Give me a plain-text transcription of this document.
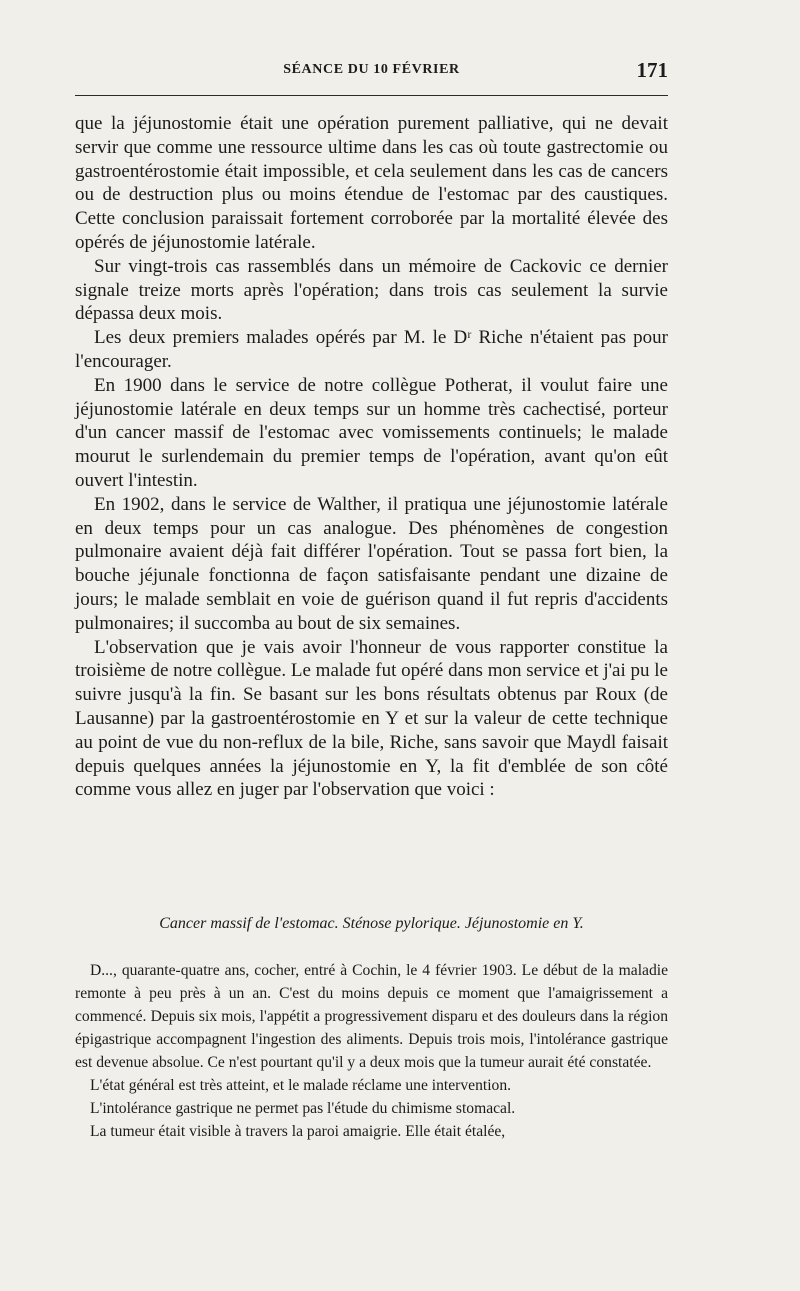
SÉANCE DU 10 FÉVRIER	171

que la jéjunostomie était une opération purement palliative, qui ne devait servir que comme une ressource ultime dans les cas où toute gastrectomie ou gastroentérostomie était impossible, et cela seulement dans les cas de cancers ou de destruction plus ou moins étendue de l'estomac par des caustiques. Cette conclusion paraissait fortement corroborée par la mortalité élevée des opérés de jéjunostomie latérale.

Sur vingt-trois cas rassemblés dans un mémoire de Cackovic ce dernier signale treize morts après l'opération; dans trois cas seulement la survie dépassa deux mois.

Les deux premiers malades opérés par M. le Dʳ Riche n'étaient pas pour l'encourager.

En 1900 dans le service de notre collègue Potherat, il voulut faire une jéjunostomie latérale en deux temps sur un homme très cachectisé, porteur d'un cancer massif de l'estomac avec vomissements continuels; le malade mourut le surlendemain du premier temps de l'opération, avant qu'on eût ouvert l'intestin.

En 1902, dans le service de Walther, il pratiqua une jéjunostomie latérale en deux temps pour un cas analogue. Des phénomènes de congestion pulmonaire avaient déjà fait différer l'opération. Tout se passa fort bien, la bouche jéjunale fonctionna de façon satisfaisante pendant une dizaine de jours; le malade semblait en voie de guérison quand il fut repris d'accidents pulmonaires; il succomba au bout de six semaines.

L'observation que je vais avoir l'honneur de vous rapporter constitue la troisième de notre collègue. Le malade fut opéré dans mon service et j'ai pu le suivre jusqu'à la fin. Se basant sur les bons résultats obtenus par Roux (de Lausanne) par la gastroentérostomie en Y et sur la valeur de cette technique au point de vue du non-reflux de la bile, Riche, sans savoir que Maydl faisait depuis quelques années la jéjunostomie en Y, la fit d'emblée de son côté comme vous allez en juger par l'observation que voici :

Cancer massif de l'estomac. Sténose pylorique. Jéjunostomie en Y.

D..., quarante-quatre ans, cocher, entré à Cochin, le 4 février 1903. Le début de la maladie remonte à peu près à un an. C'est du moins depuis ce moment que l'amaigrissement a commencé. Depuis six mois, l'appétit a progressivement disparu et des douleurs dans la région épigastrique accompagnent l'ingestion des aliments. Depuis trois mois, l'intolérance gastrique est devenue absolue. Ce n'est pourtant qu'il y a deux mois que la tumeur aurait été constatée.

L'état général est très atteint, et le malade réclame une intervention.

L'intolérance gastrique ne permet pas l'étude du chimisme stomacal.

La tumeur était visible à travers la paroi amaigrie. Elle était étalée,
